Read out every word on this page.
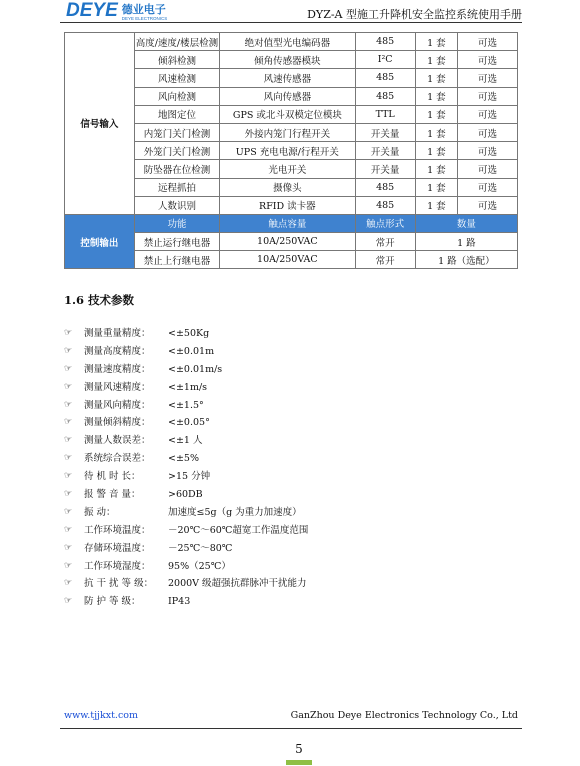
DEYE 德业电子
DEYE ELECTRONICS	DYZ-A 型施工升降机安全监控系统使用手册
信号输入	高度/速度/楼层检测	绝对值型光电编码器	485	1 套	可选
	倾斜检测	倾角传感器模块	I²C	1 套	可选
	风速检测	风速传感器	485	1 套	可选
	风向检测	风向传感器	485	1 套	可选
	地图定位	GPS 或北斗双模定位模块	TTL	1 套	可选
	内笼门关门检测	外接内笼门行程开关	开关量	1 套	可选
	外笼门关门检测	UPS 充电电源/行程开关	开关量	1 套	可选
	防坠器在位检测	光电开关	开关量	1 套	可选
	远程抓拍	摄像头	485	1 套	可选
	人数识别	RFID 读卡器	485	1 套	可选
控制输出	功能	触点容量	触点形式	数量	
	禁止运行继电器	10A/250VAC	常开	1 路	
	禁止上行继电器	10A/250VAC	常开	1 路（选配）	
1.6 技术参数
☞	测量重量精度：	<±50Kg
☞	测量高度精度：	<±0.01m
☞	测量速度精度：	<±0.01m/s
☞	测量风速精度：	<±1m/s
☞	测量风向精度：	<±1.5°
☞	测量倾斜精度：	<±0.05°
☞	测量人数误差：	<±1 人
☞	系统综合误差：	<±5%
☞	待 机 时 长：	>15 分钟
☞	报 警 音 量：	>60DB
☞	振 动：	加速度≤5g（g 为重力加速度）
☞	工作环境温度：	－20℃～60℃超宽工作温度范围
☞	存储环境温度：	－25℃～80℃
☞	工作环境湿度：	95%（25℃）
☞	抗 干 扰 等 级：	2000V 级超强抗群脉冲干扰能力
☞	防 护 等 级：	IP43
www.tjjkxt.com	GanZhou Deye Electronics Technology Co., Ltd
5
